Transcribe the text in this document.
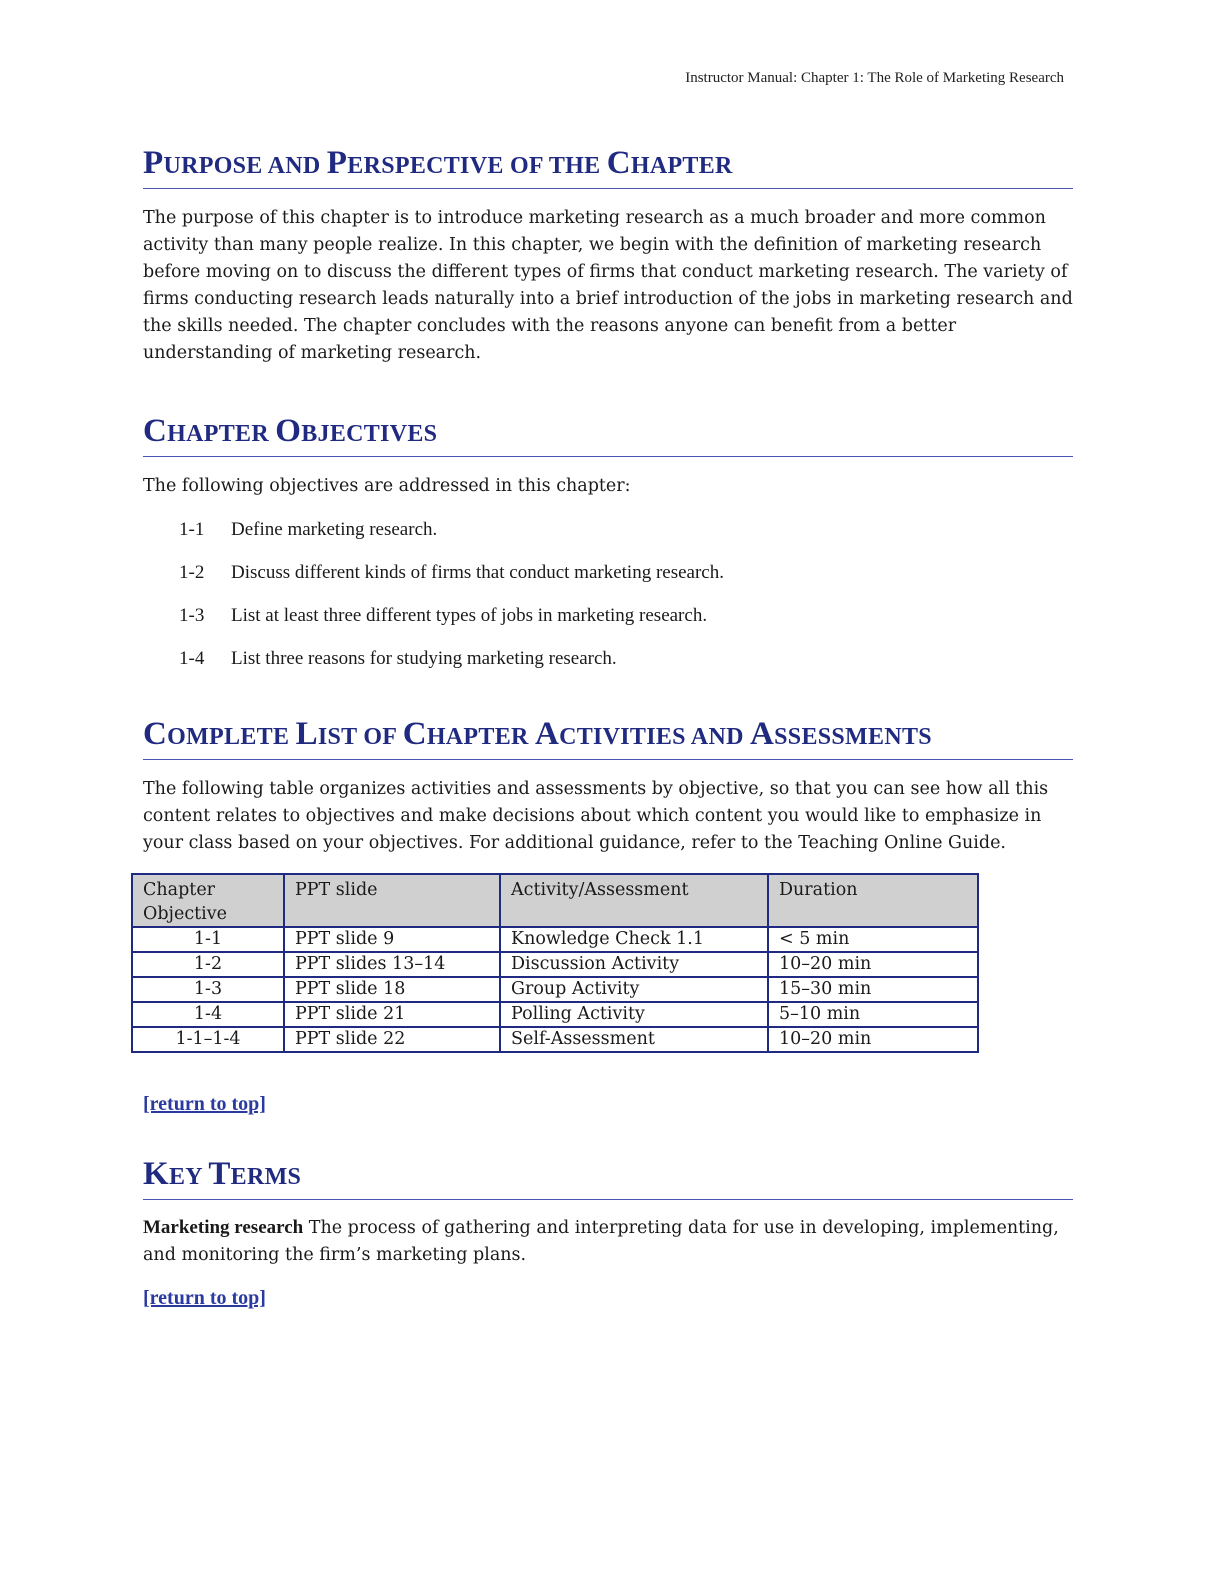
Instructor Manual: Chapter 1: The Role of Marketing Research
PURPOSE AND PERSPECTIVE OF THE CHAPTER

The purpose of this chapter is to introduce marketing research as a much broader and more common activity than many people realize. In this chapter, we begin with the definition of marketing research before moving on to discuss the different types of firms that conduct marketing research. The variety of firms conducting research leads naturally into a brief introduction of the jobs in marketing research and the skills needed. The chapter concludes with the reasons anyone can benefit from a better understanding of marketing research.

CHAPTER OBJECTIVES

The following objectives are addressed in this chapter:

1-1	Define marketing research.
1-2	Discuss different kinds of firms that conduct marketing research.
1-3	List at least three different types of jobs in marketing research.
1-4	List three reasons for studying marketing research.
COMPLETE LIST OF CHAPTER ACTIVITIES AND ASSESSMENTS

The following table organizes activities and assessments by objective, so that you can see how all this content relates to objectives and make decisions about which content you would like to emphasize in your class based on your objectives. For additional guidance, refer to the Teaching Online Guide.

Chapter Objective	PPT slide	Activity/Assessment	Duration
1-1	PPT slide 9	Knowledge Check 1.1	< 5 min
1-2	PPT slides 13–14	Discussion Activity	10–20 min
1-3	PPT slide 18	Group Activity	15–30 min
1-4	PPT slide 21	Polling Activity	5–10 min
1-1–1-4	PPT slide 22	Self-Assessment	10–20 min
[return to top]
KEY TERMS

Marketing research The process of gathering and interpreting data for use in developing, implementing, and monitoring the firm’s marketing plans.

[return to top]
